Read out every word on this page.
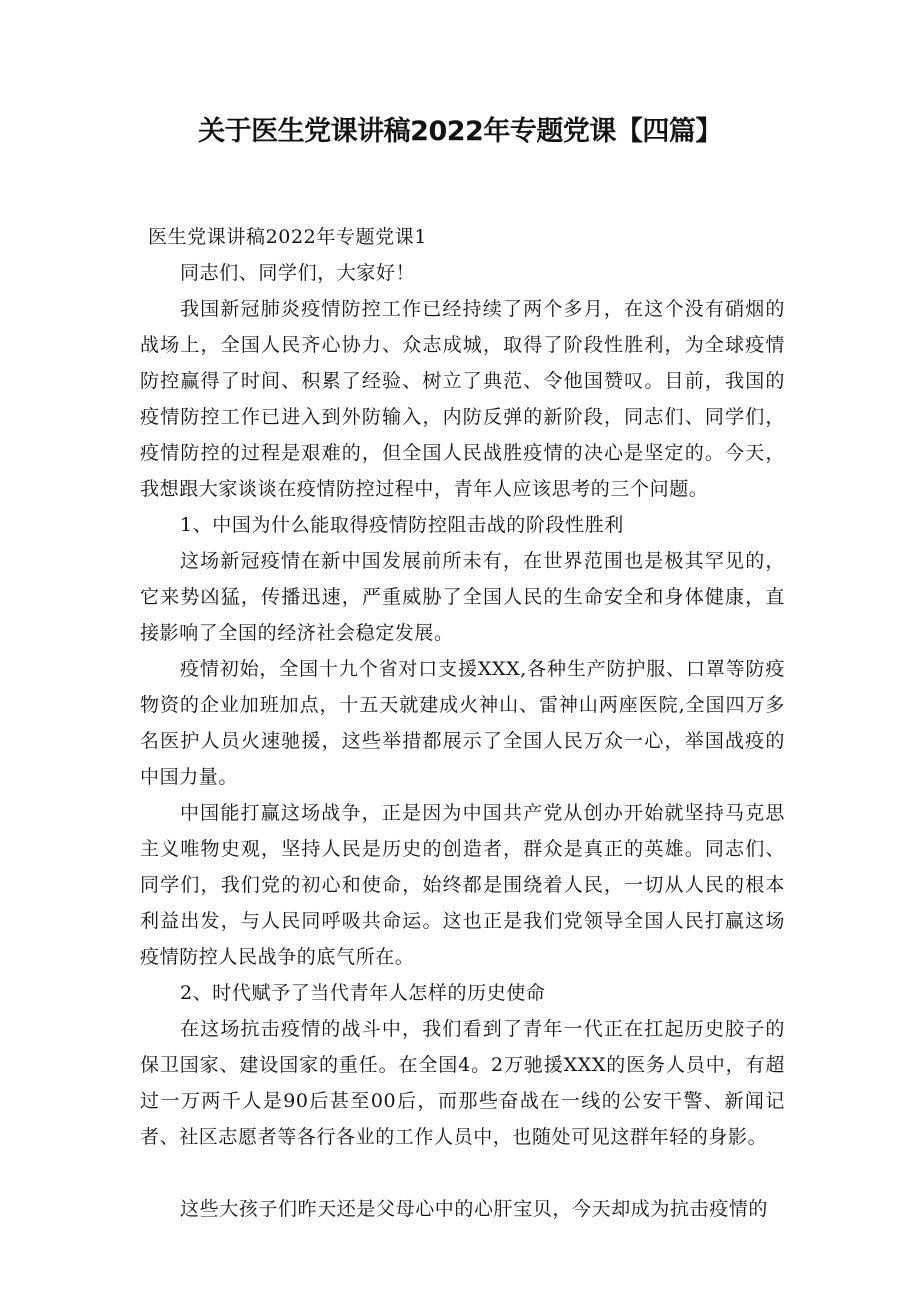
关于医生党课讲稿2022年专题党课【四篇】

医生党课讲稿2022年专题党课1

同志们、同学们，大家好！

我国新冠肺炎疫情防控工作已经持续了两个多月，在这个没有硝烟的战场上，全国人民齐心协力、众志成城，取得了阶段性胜利，为全球疫情防控赢得了时间、积累了经验、树立了典范、令他国赞叹。目前，我国的疫情防控工作已进入到外防输入，内防反弹的新阶段，同志们、同学们，疫情防控的过程是艰难的，但全国人民战胜疫情的决心是坚定的。今天，我想跟大家谈谈在疫情防控过程中，青年人应该思考的三个问题。

1、中国为什么能取得疫情防控阻击战的阶段性胜利

这场新冠疫情在新中国发展前所未有，在世界范围也是极其罕见的，它来势凶猛，传播迅速，严重威胁了全国人民的生命安全和身体健康，直接影响了全国的经济社会稳定发展。

疫情初始，全国十九个省对口支援XXX,各种生产防护服、口罩等防疫物资的企业加班加点，十五天就建成火神山、雷神山两座医院,全国四万多名医护人员火速驰援，这些举措都展示了全国人民万众一心，举国战疫的中国力量。

中国能打赢这场战争，正是因为中国共产党从创办开始就坚持马克思主义唯物史观，坚持人民是历史的创造者，群众是真正的英雄。同志们、同学们，我们党的初心和使命，始终都是围绕着人民，一切从人民的根本利益出发，与人民同呼吸共命运。这也正是我们党领导全国人民打赢这场疫情防控人民战争的底气所在。

2、时代赋予了当代青年人怎样的历史使命

在这场抗击疫情的战斗中，我们看到了青年一代正在扛起历史胶子的保卫国家、建设国家的重任。在全国4。2万驰援XXX的医务人员中，有超过一万两千人是90后甚至00后，而那些奋战在一线的公安干警、新闻记者、社区志愿者等各行各业的工作人员中，也随处可见这群年轻的身影。

这些大孩子们昨天还是父母心中的心肝宝贝，今天却成为抗击疫情的
